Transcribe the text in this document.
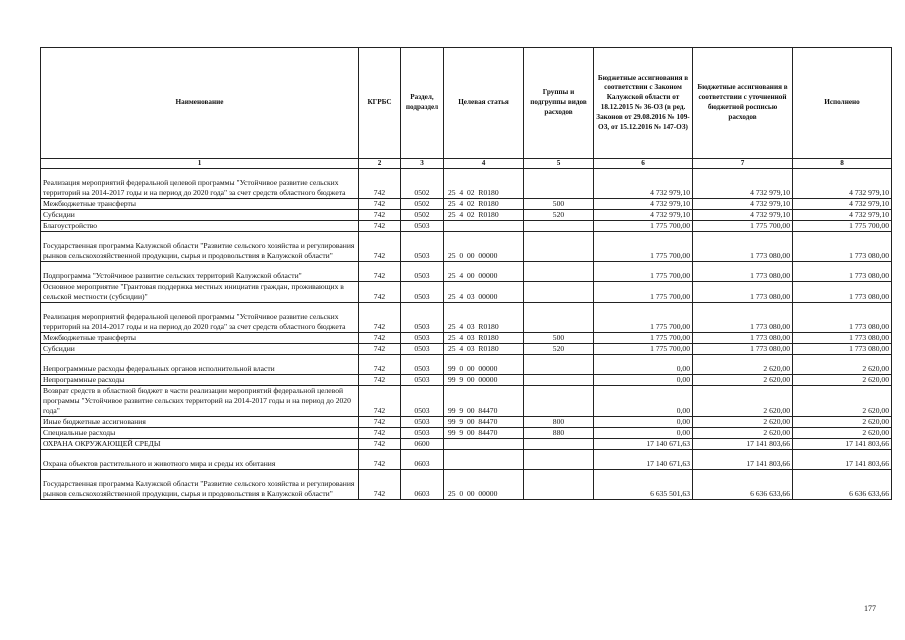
Наименование	КГРБС	Раздел, подраздел	Целевая статья	Группы и подгруппы видов расходов	Бюджетные ассигнования в соответствии с Законом Калужской области от 18.12.2015 № 36-ОЗ (в ред. Законов от 29.08.2016 № 109-ОЗ, от 15.12.2016 № 147-ОЗ)	Бюджетные ассигнования в соответствии с уточненной бюджетной росписью расходов	Исполнено
1	2	3	4	5	6	7	8
Реализация мероприятий федеральной целевой программы "Устойчивое развитие сельских территорий на 2014-2017 годы и на период до 2020 года" за счет средств областного бюджета	742	0502	25  4  02  R0180		4 732 979,10	4 732 979,10	4 732 979,10
Межбюджетные трансферты	742	0502	25  4  02  R0180	500	4 732 979,10	4 732 979,10	4 732 979,10
Субсидии	742	0502	25  4  02  R0180	520	4 732 979,10	4 732 979,10	4 732 979,10
Благоустройство	742	0503			1 775 700,00	1 775 700,00	1 775 700,00
Государственная программа Калужской области "Развитие сельского хозяйства и регулирования рынков сельскохозяйственной продукции, сырья и продовольствия в Калужской области"	742	0503	25  0  00  00000		1 775 700,00	1 773 080,00	1 773 080,00
Подпрограмма "Устойчивое развитие сельских территорий Калужской области"	742	0503	25  4  00  00000		1 775 700,00	1 773 080,00	1 773 080,00
Основное мероприятие "Грантовая поддержка местных инициатив граждан, проживающих в сельской местности (субсидии)"	742	0503	25  4  03  00000		1 775 700,00	1 773 080,00	1 773 080,00
Реализация мероприятий федеральной целевой программы "Устойчивое развитие сельских территорий на 2014-2017 годы и на период до 2020 года" за счет средств областного бюджета	742	0503	25  4  03  R0180		1 775 700,00	1 773 080,00	1 773 080,00
Межбюджетные трансферты	742	0503	25  4  03  R0180	500	1 775 700,00	1 773 080,00	1 773 080,00
Субсидии	742	0503	25  4  03  R0180	520	1 775 700,00	1 773 080,00	1 773 080,00
Непрограммные расходы федеральных органов исполнительной власти	742	0503	99  0  00  00000		0,00	2 620,00	2 620,00
Непрограммные расходы	742	0503	99  9  00  00000		0,00	2 620,00	2 620,00
Возврат средств в областной бюджет в части реализации мероприятий федеральной целевой программы "Устойчивое развитие сельских территорий на 2014-2017 годы и на период до 2020 года"	742	0503	99  9  00  84470		0,00	2 620,00	2 620,00
Иные бюджетные ассигнования	742	0503	99  9  00  84470	800	0,00	2 620,00	2 620,00
Специальные расходы	742	0503	99  9  00  84470	880	0,00	2 620,00	2 620,00
ОХРАНА ОКРУЖАЮЩЕЙ СРЕДЫ	742	0600			17 140 671,63	17 141 803,66	17 141 803,66
Охрана объектов растительного и животного мира и среды их обитания	742	0603			17 140 671,63	17 141 803,66	17 141 803,66
Государственная программа Калужской области "Развитие сельского хозяйства и регулирования рынков сельскохозяйственной продукции, сырья и продовольствия в Калужской области"	742	0603	25  0  00  00000		6 635 501,63	6 636 633,66	6 636 633,66
177
